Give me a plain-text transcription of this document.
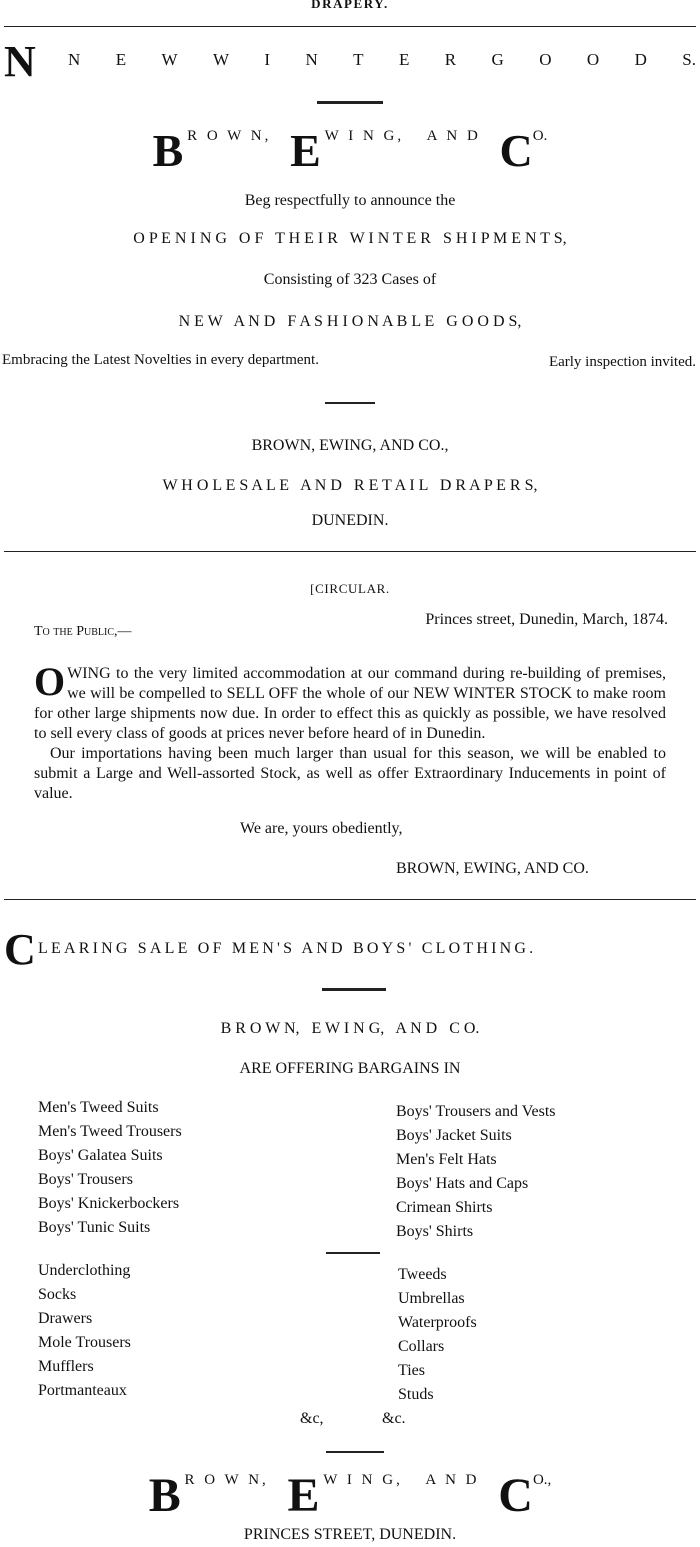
DRAPERY.
N N E W W I N T E R G O O D S.
B R O W N, E W I N G, A N D CO.
Beg respectfully to announce the
O P E N I N G   O F   T H E I R   W I N T E R   S H I P M E N T S,
Consisting of 323 Cases of
N E W   A N D   F A S H I O N A B L E   G O O D S,
Embracing the Latest Novelties in every department.	Early inspection invited.
BROWN, EWING, AND CO.,
W H O L E S A L E   A N D   R E T A I L   D R A P E R S,
DUNEDIN.
[CIRCULAR.
Princes street, Dunedin, March, 1874.
To the Public,—
O WING to the very limited accommodation at our command during re-building of premises, we will be compelled to SELL OFF the whole of our NEW WINTER STOCK to make room for other large shipments now due. In order to effect this as quickly as possible, we have resolved to sell every class of goods at prices never before heard of in Dunedin.
Our importations having been much larger than usual for this season, we will be enabled to submit a Large and Well-assorted Stock, as well as offer Extraordinary Inducements in point of value.
We are, yours obediently,
BROWN, EWING, AND CO.
C LEARING SALE OF MEN'S AND BOYS' CLOTHING.
B R O W N,   E W I N G,   A N D   C O.
ARE OFFERING BARGAINS IN
Men's Tweed Suits
Men's Tweed Trousers
Boys' Galatea Suits
Boys' Trousers
Boys' Knickerbockers
Boys' Tunic Suits
Boys' Trousers and Vests
Boys' Jacket Suits
Men's Felt Hats
Boys' Hats and Caps
Crimean Shirts
Boys' Shirts
Underclothing
Socks
Drawers
Mole Trousers
Mufflers
Portmanteaux
Tweeds
Umbrellas
Waterproofs
Collars
Ties
Studs
&c,	&c.
B R O W N, E W I N G, A N D CO.,
PRINCES STREET, DUNEDIN.
